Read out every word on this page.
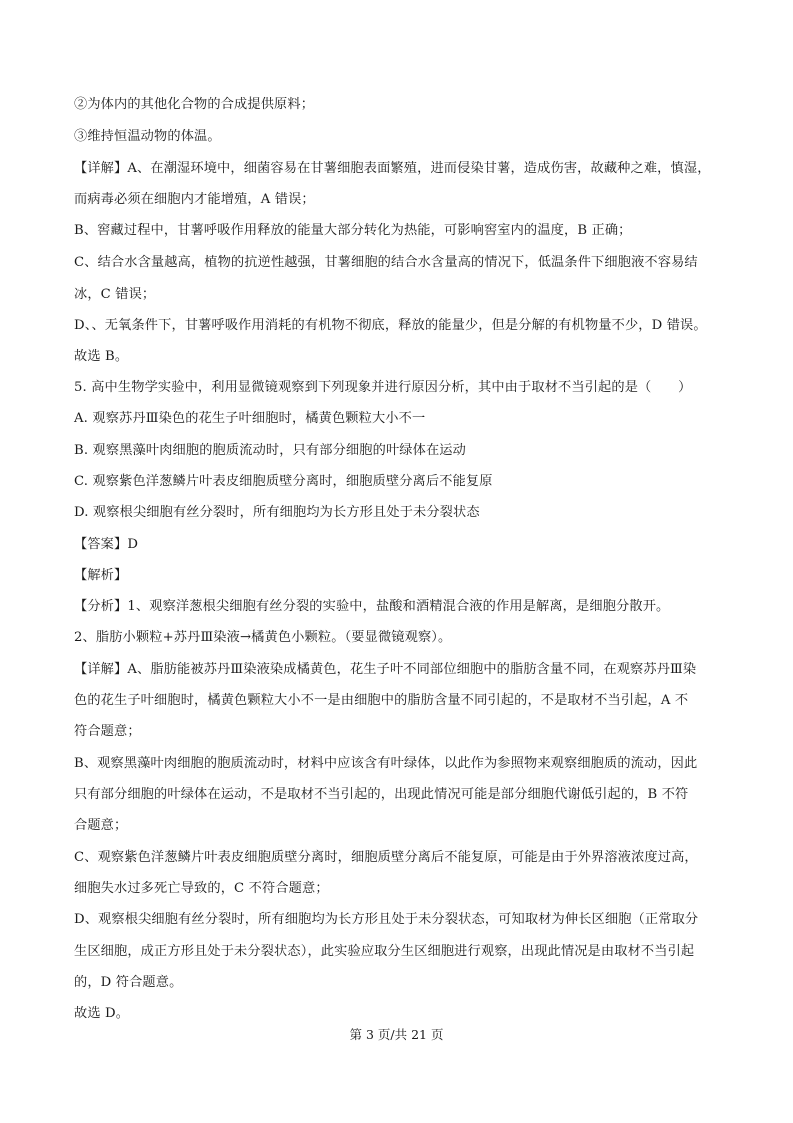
②为体内的其他化合物的合成提供原料；
③维持恒温动物的体温。
【详解】A、在潮湿环境中，细菌容易在甘薯细胞表面繁殖，进而侵染甘薯，造成伤害，故藏种之难，慎湿，
而病毒必须在细胞内才能增殖，A 错误；
B、窖藏过程中，甘薯呼吸作用释放的能量大部分转化为热能，可影响窖室内的温度，B 正确；
C、结合水含量越高，植物的抗逆性越强，甘薯细胞的结合水含量高的情况下，低温条件下细胞液不容易结
冰，C 错误；
D、、无氧条件下，甘薯呼吸作用消耗的有机物不彻底，释放的能量少，但是分解的有机物量不少，D 错误。
故选 B。
5. 高中生物学实验中，利用显微镜观察到下列现象并进行原因分析，其中由于取材不当引起的是（　　）
A. 观察苏丹Ⅲ染色的花生子叶细胞时，橘黄色颗粒大小不一
B. 观察黑藻叶肉细胞的胞质流动时，只有部分细胞的叶绿体在运动
C. 观察紫色洋葱鳞片叶表皮细胞质壁分离时，细胞质壁分离后不能复原
D. 观察根尖细胞有丝分裂时，所有细胞均为长方形且处于未分裂状态
【答案】D
【解析】
【分析】1、观察洋葱根尖细胞有丝分裂的实验中，盐酸和酒精混合液的作用是解离，是细胞分散开。
2、脂肪小颗粒+苏丹Ⅲ染液→橘黄色小颗粒。（要显微镜观察）。
【详解】A、脂肪能被苏丹Ⅲ染液染成橘黄色，花生子叶不同部位细胞中的脂肪含量不同，在观察苏丹Ⅲ染
色的花生子叶细胞时，橘黄色颗粒大小不一是由细胞中的脂肪含量不同引起的，不是取材不当引起，A 不
符合题意；
B、观察黑藻叶肉细胞的胞质流动时，材料中应该含有叶绿体，以此作为参照物来观察细胞质的流动，因此
只有部分细胞的叶绿体在运动，不是取材不当引起的，出现此情况可能是部分细胞代谢低引起的，B 不符
合题意；
C、观察紫色洋葱鳞片叶表皮细胞质壁分离时，细胞质壁分离后不能复原，可能是由于外界溶液浓度过高，
细胞失水过多死亡导致的，C 不符合题意；
D、观察根尖细胞有丝分裂时，所有细胞均为长方形且处于未分裂状态，可知取材为伸长区细胞（正常取分
生区细胞，成正方形且处于未分裂状态），此实验应取分生区细胞进行观察，出现此情况是由取材不当引起
的，D 符合题意。
故选 D。
第 3 页/共 21 页
